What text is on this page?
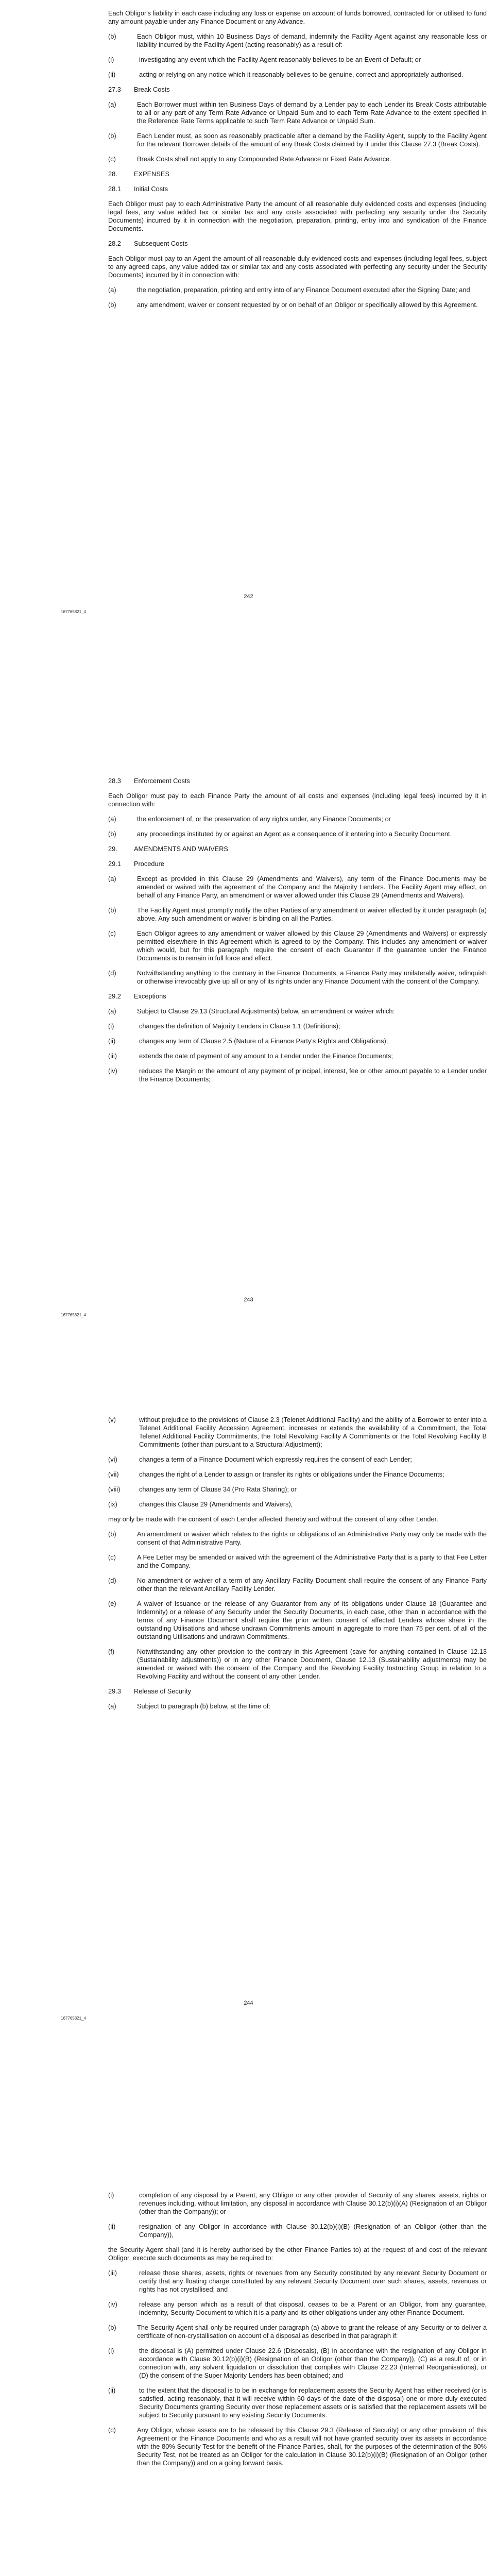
Each Obligor's liability in each case including any loss or expense on account of funds borrowed, contracted for or utilised to fund any amount payable under any Finance Document or any Advance.
(b)	Each Obligor must, within 10 Business Days of demand, indemnify the Facility Agent against any reasonable loss or liability incurred by the Facility Agent (acting reasonably) as a result of:
(i)	investigating any event which the Facility Agent reasonably believes to be an Event of Default; or
(ii)	acting or relying on any notice which it reasonably believes to be genuine, correct and appropriately authorised.
27.3	Break Costs
(a)	Each Borrower must within ten Business Days of demand by a Lender pay to each Lender its Break Costs attributable to all or any part of any Term Rate Advance or Unpaid Sum and to each Term Rate Advance to the extent specified in the Reference Rate Terms applicable to such Term Rate Advance or Unpaid Sum.
(b)	Each Lender must, as soon as reasonably practicable after a demand by the Facility Agent, supply to the Facility Agent for the relevant Borrower details of the amount of any Break Costs claimed by it under this Clause 27.3 (Break Costs).
(c)	Break Costs shall not apply to any Compounded Rate Advance or Fixed Rate Advance.
28.	EXPENSES
28.1	Initial Costs
Each Obligor must pay to each Administrative Party the amount of all reasonable duly evidenced costs and expenses (including legal fees, any value added tax or similar tax and any costs associated with perfecting any security under the Security Documents) incurred by it in connection with the negotiation, preparation, printing, entry into and syndication of the Finance Documents.
28.2	Subsequent Costs
Each Obligor must pay to an Agent the amount of all reasonable duly evidenced costs and expenses (including legal fees, subject to any agreed caps, any value added tax or similar tax and any costs associated with perfecting any security under the Security Documents) incurred by it in connection with:
(a)	the negotiation, preparation, printing and entry into of any Finance Document executed after the Signing Date; and
(b)	any amendment, waiver or consent requested by or on behalf of an Obligor or specifically allowed by this Agreement.
242
167765821_4
28.3	Enforcement Costs
Each Obligor must pay to each Finance Party the amount of all costs and expenses (including legal fees) incurred by it in connection with:
(a)	the enforcement of, or the preservation of any rights under, any Finance Documents; or
(b)	any proceedings instituted by or against an Agent as a consequence of it entering into a Security Document.
29.	AMENDMENTS AND WAIVERS
29.1	Procedure
(a)	Except as provided in this Clause 29 (Amendments and Waivers), any term of the Finance Documents may be amended or waived with the agreement of the Company and the Majority Lenders. The Facility Agent may effect, on behalf of any Finance Party, an amendment or waiver allowed under this Clause 29 (Amendments and Waivers).
(b)	The Facility Agent must promptly notify the other Parties of any amendment or waiver effected by it under paragraph (a) above. Any such amendment or waiver is binding on all the Parties.
(c)	Each Obligor agrees to any amendment or waiver allowed by this Clause 29 (Amendments and Waivers) or expressly permitted elsewhere in this Agreement which is agreed to by the Company. This includes any amendment or waiver which would, but for this paragraph, require the consent of each Guarantor if the guarantee under the Finance Documents is to remain in full force and effect.
(d)	Notwithstanding anything to the contrary in the Finance Documents, a Finance Party may unilaterally waive, relinquish or otherwise irrevocably give up all or any of its rights under any Finance Document with the consent of the Company.
29.2	Exceptions
(a)	Subject to Clause 29.13 (Structural Adjustments) below, an amendment or waiver which:
(i)	changes the definition of Majority Lenders in Clause 1.1 (Definitions);
(ii)	changes any term of Clause 2.5 (Nature of a Finance Party's Rights and Obligations);
(iii)	extends the date of payment of any amount to a Lender under the Finance Documents;
(iv)	reduces the Margin or the amount of any payment of principal, interest, fee or other amount payable to a Lender under the Finance Documents;
243
167765821_4
(v)	without prejudice to the provisions of Clause 2.3 (Telenet Additional Facility) and the ability of a Borrower to enter into a Telenet Additional Facility Accession Agreement, increases or extends the availability of a Commitment, the Total Telenet Additional Facility Commitments, the Total Revolving Facility A Commitments or the Total Revolving Facility B Commitments (other than pursuant to a Structural Adjustment);
(vi)	changes a term of a Finance Document which expressly requires the consent of each Lender;
(vii)	changes the right of a Lender to assign or transfer its rights or obligations under the Finance Documents;
(viii)	changes any term of Clause 34 (Pro Rata Sharing); or
(ix)	changes this Clause 29 (Amendments and Waivers),
may only be made with the consent of each Lender affected thereby and without the consent of any other Lender.
(b)	An amendment or waiver which relates to the rights or obligations of an Administrative Party may only be made with the consent of that Administrative Party.
(c)	A Fee Letter may be amended or waived with the agreement of the Administrative Party that is a party to that Fee Letter and the Company.
(d)	No amendment or waiver of a term of any Ancillary Facility Document shall require the consent of any Finance Party other than the relevant Ancillary Facility Lender.
(e)	A waiver of Issuance or the release of any Guarantor from any of its obligations under Clause 18 (Guarantee and Indemnity) or a release of any Security under the Security Documents, in each case, other than in accordance with the terms of any Finance Document shall require the prior written consent of affected Lenders whose share in the outstanding Utilisations and whose undrawn Commitments amount in aggregate to more than 75 per cent. of all of the outstanding Utilisations and undrawn Commitments.
(f)	Notwithstanding any other provision to the contrary in this Agreement (save for anything contained in Clause 12.13 (Sustainability adjustments)) or in any other Finance Document, Clause 12.13 (Sustainability adjustments) may be amended or waived with the consent of the Company and the Revolving Facility Instructing Group in relation to a Revolving Facility and without the consent of any other Lender.
29.3	Release of Security
(a)	Subject to paragraph (b) below, at the time of:
244
167765821_4
(i)	completion of any disposal by a Parent, any Obligor or any other provider of Security of any shares, assets, rights or revenues including, without limitation, any disposal in accordance with Clause 30.12(b)(i)(A) (Resignation of an Obligor (other than the Company)); or
(ii)	resignation of any Obligor in accordance with Clause 30.12(b)(i)(B) (Resignation of an Obligor (other than the Company)),
the Security Agent shall (and it is hereby authorised by the other Finance Parties to) at the request of and cost of the relevant Obligor, execute such documents as may be required to:
(iii)	release those shares, assets, rights or revenues from any Security constituted by any relevant Security Document or certify that any floating charge constituted by any relevant Security Document over such shares, assets, revenues or rights has not crystallised; and
(iv)	release any person which as a result of that disposal, ceases to be a Parent or an Obligor, from any guarantee, indemnity, Security Document to which it is a party and its other obligations under any other Finance Document.
(b)	The Security Agent shall only be required under paragraph (a) above to grant the release of any Security or to deliver a certificate of non-crystallisation on account of a disposal as described in that paragraph if:
(i)	the disposal is (A) permitted under Clause 22.6 (Disposals), (B) in accordance with the resignation of any Obligor in accordance with Clause 30.12(b)(i)(B) (Resignation of an Obligor (other than the Company)), (C) as a result of, or in connection with, any solvent liquidation or dissolution that complies with Clause 22.23 (Internal Reorganisations), or (D) the consent of the Super Majority Lenders has been obtained; and
(ii)	to the extent that the disposal is to be in exchange for replacement assets the Security Agent has either received (or is satisfied, acting reasonably, that it will receive within 60 days of the date of the disposal) one or more duly executed Security Documents granting Security over those replacement assets or is satisfied that the replacement assets will be subject to Security pursuant to any existing Security Documents.
(c)	Any Obligor, whose assets are to be released by this Clause 29.3 (Release of Security) or any other provision of this Agreement or the Finance Documents and who as a result will not have granted security over its assets in accordance with the 80% Security Test for the benefit of the Finance Parties, shall, for the purposes of the determination of the 80% Security Test, not be treated as an Obligor for the calculation in Clause 30.12(b)(i)(B) (Resignation of an Obligor (other than the Company)) and on a going forward basis.
